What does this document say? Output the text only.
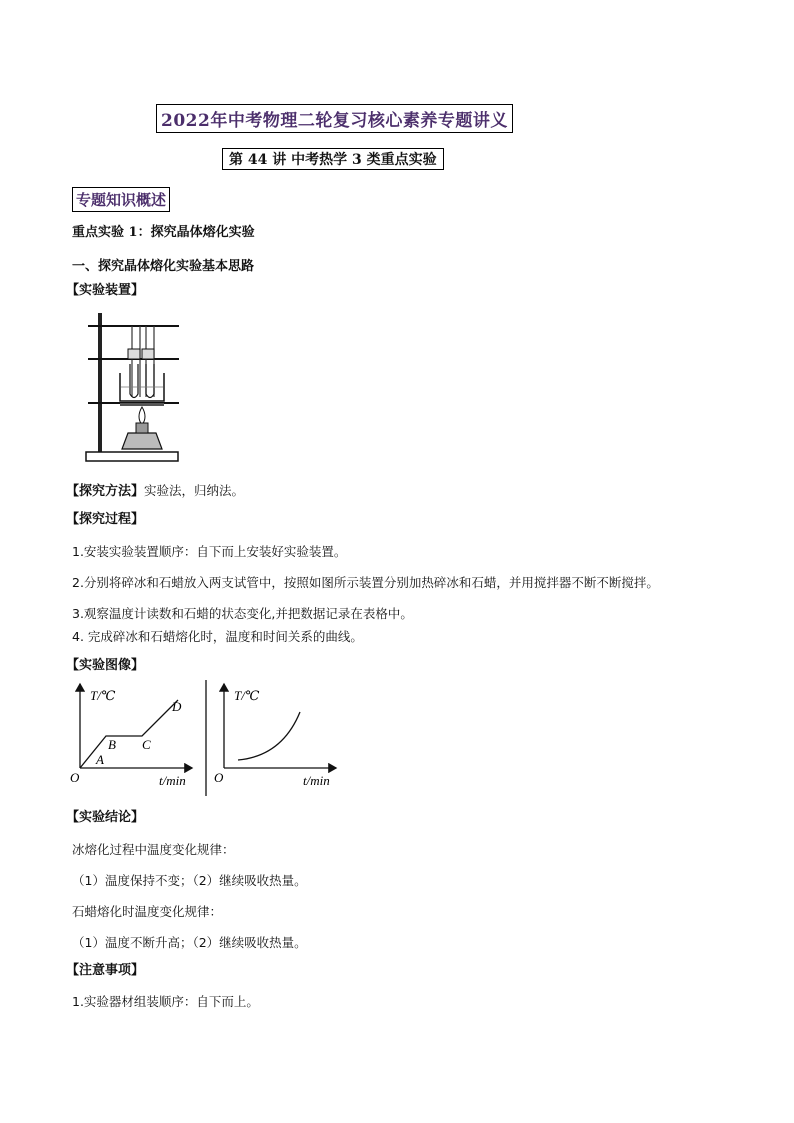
2022年中考物理二轮复习核心素养专题讲义
第 44 讲 中考热学 3 类重点实验
专题知识概述
重点实验 1：探究晶体熔化实验
一、探究晶体熔化实验基本思路
【实验装置】
【探究方法】实验法，归纳法。
【探究过程】
1.安装实验装置顺序：自下而上安装好实验装置。
2.分别将碎冰和石蜡放入两支试管中，按照如图所示装置分别加热碎冰和石蜡，并用搅拌器不断不断搅拌。
3.观察温度计读数和石蜡的状态变化,并把数据记录在表格中。
4. 完成碎冰和石蜡熔化时，温度和时间关系的曲线。
【实验图像】
T/℃
t/min
O
A
B C
D
T/℃
t/min
O
【实验结论】
冰熔化过程中温度变化规律：
（1）温度保持不变；（2）继续吸收热量。
石蜡熔化时温度变化规律：
（1）温度不断升高；（2）继续吸收热量。
【注意事项】
1.实验器材组装顺序：自下而上。
